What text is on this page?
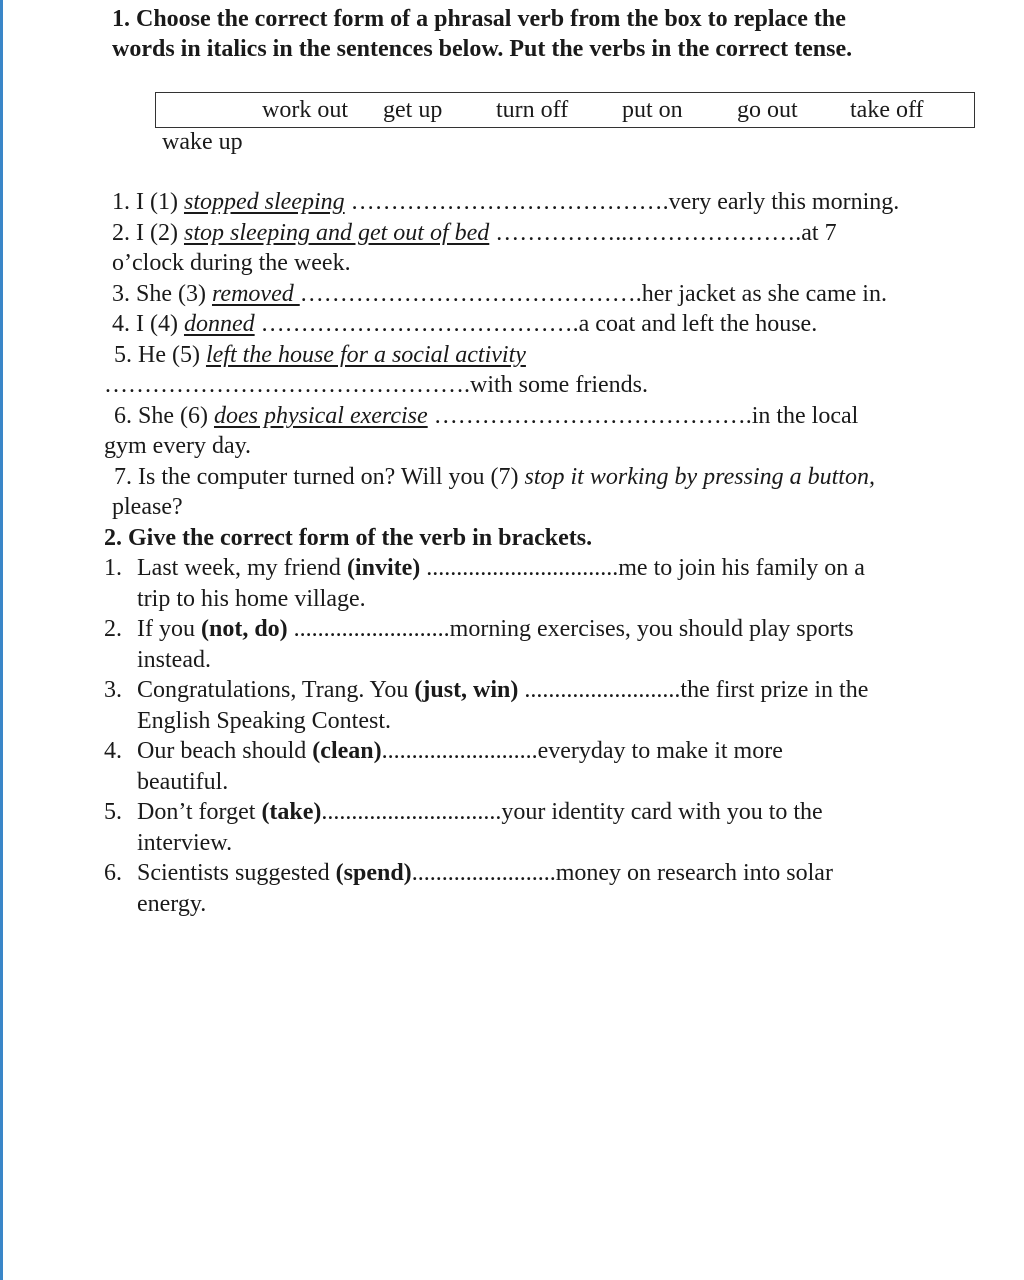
1. Choose the correct form of a phrasal verb from the box to replace the
words in italics in the sentences below. Put the verbs in the correct tense.
work out get up turn off put on go out take off
wake up
1. I (1) stopped sleeping ………………………………….very early this morning.
2. I (2) stop sleeping and get out of bed ……………..………………….at 7
o’clock during the week.
3. She (3) removed …………………………………….her jacket as she came in.
4. I (4) donned ………………………………….a coat and left the house.
5. He (5) left the house for a social activity
……………………………………….with some friends.
6. She (6) does physical exercise ………………………………….in the local
gym every day.
7. Is the computer turned on? Will you (7) stop it working by pressing a button,
please?
2. Give the correct form of the verb in brackets.
1. Last week, my friend (invite) ................................me to join his family on a
trip to his home village.
2. If you (not, do) ..........................morning exercises, you should play sports
instead.
3. Congratulations, Trang. You (just, win) ..........................the first prize in the
English Speaking Contest.
4. Our beach should (clean)..........................everyday to make it more
beautiful.
5. Don’t forget (take)..............................your identity card with you to the
interview.
6. Scientists suggested (spend)........................money on research into solar
energy.
